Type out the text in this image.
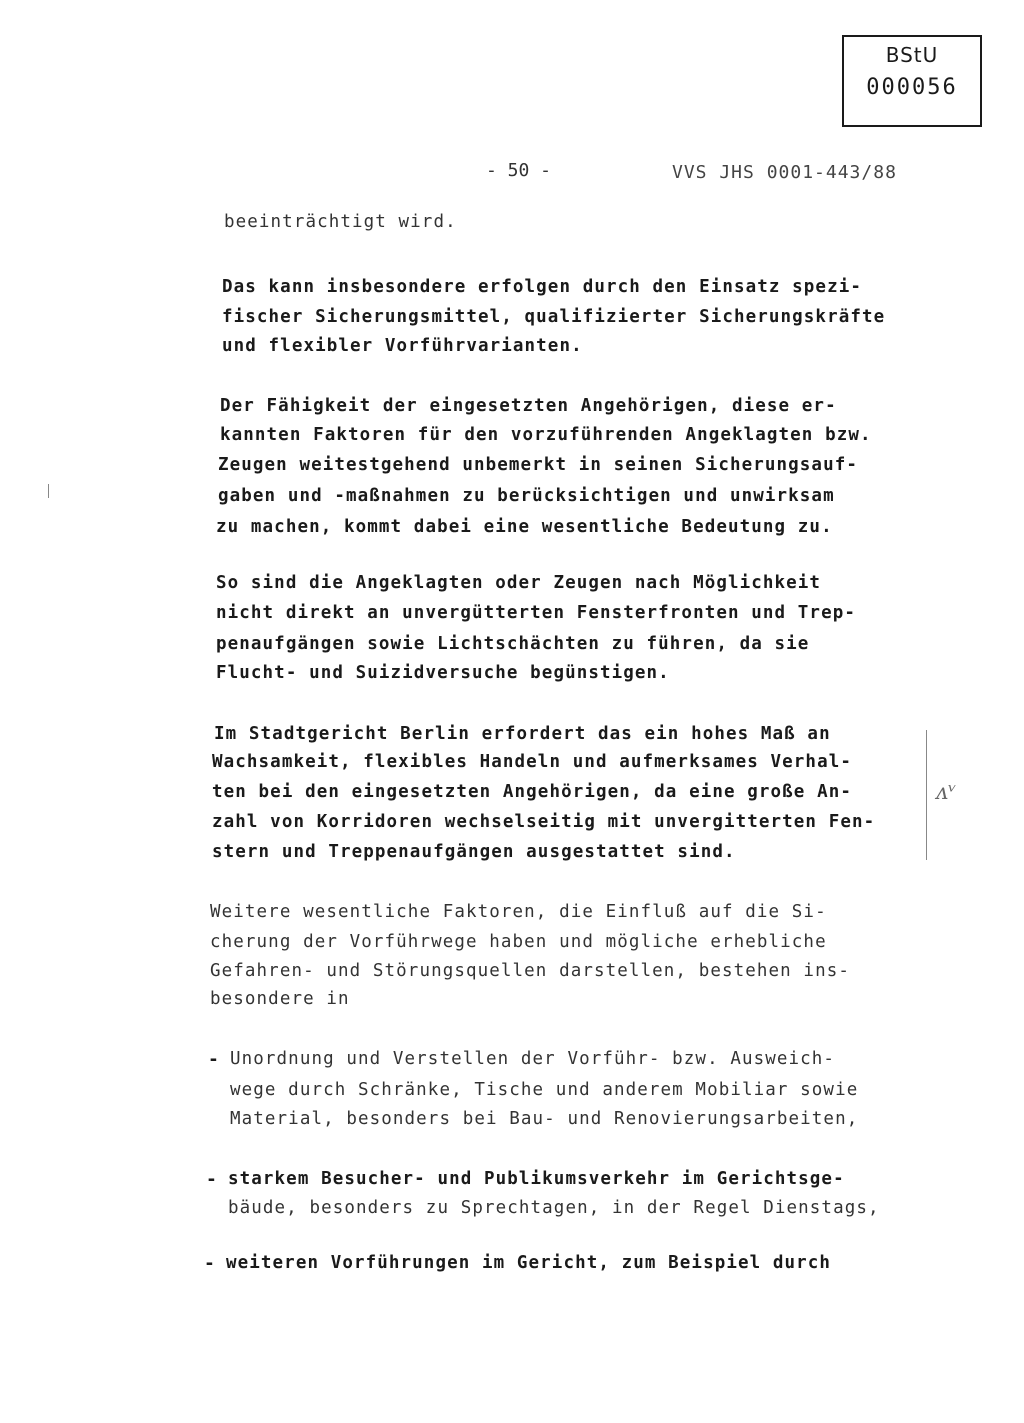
BStU
000056
- 50 -	VVS JHS 0001-443/88
beeinträchtigt wird.
Das kann insbesondere erfolgen durch den Einsatz spezi-
fischer Sicherungsmittel, qualifizierter Sicherungskräfte
und flexibler Vorführvarianten.
Der Fähigkeit der eingesetzten Angehörigen, diese er-
kannten Faktoren für den vorzuführenden Angeklagten bzw.
Zeugen weitestgehend unbemerkt in seinen Sicherungsauf-
gaben und -maßnahmen zu berücksichtigen und unwirksam
zu machen, kommt dabei eine wesentliche Bedeutung zu.
So sind die Angeklagten oder Zeugen nach Möglichkeit
nicht direkt an unvergütterten Fensterfronten und Trep-
penaufgängen sowie Lichtschächten zu führen, da sie
Flucht- und Suizidversuche begünstigen.
Im Stadtgericht Berlin erfordert das ein hohes Maß an
Wachsamkeit, flexibles Handeln und aufmerksames Verhal-
ten bei den eingesetzten Angehörigen, da eine große An-
zahl von Korridoren wechselseitig mit unvergitterten Fen-
stern und Treppenaufgängen ausgestattet sind.
Weitere wesentliche Faktoren, die Einfluß auf die Si-
cherung der Vorführwege haben und mögliche erhebliche
Gefahren- und Störungsquellen darstellen, bestehen ins-
besondere in
- Unordnung und Verstellen der Vorführ- bzw. Ausweich-
wege durch Schränke, Tische und anderem Mobiliar sowie
Material, besonders bei Bau- und Renovierungsarbeiten,
- starkem Besucher- und Publikumsverkehr im Gerichtsge-
bäude, besonders zu Sprechtagen, in der Regel Dienstags,
- weiteren Vorführungen im Gericht, zum Beispiel durch
ᴧᵛ
